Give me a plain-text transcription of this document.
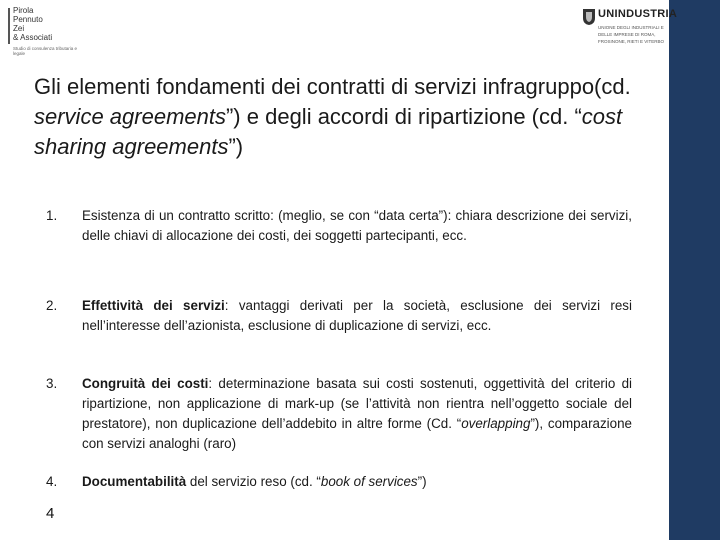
Pirola
Pennuto
Zei
& Associati
Studio di consulenza tributaria e legale
UNINDUSTRIA
UNIONE DEGLI INDUSTRIALI E DELLE IMPRESE DI ROMA, FROSINONE, RIETI E VITERBO
Gli elementi fondamenti dei contratti di servizi infragruppo(cd. service agreements”) e degli accordi di ripartizione (cd. “cost sharing agreements”)
1.	Esistenza di un contratto scritto: (meglio, se con “data certa”): chiara descrizione dei servizi, delle chiavi di allocazione dei costi, dei soggetti partecipanti, ecc.
2.	Effettività dei servizi: vantaggi derivati per la società, esclusione dei servizi resi nell’interesse dell’azionista, esclusione di duplicazione di servizi, ecc.
3.	Congruità dei costi: determinazione basata sui costi sostenuti, oggettività del criterio di ripartizione, non applicazione di mark-up (se l’attività non rientra nell’oggetto sociale del prestatore), non duplicazione dell’addebito in altre forme (Cd. “overlapping”), comparazione con servizi analoghi (raro)
4.	Documentabilità del servizio reso (cd. “book of services”)
4
